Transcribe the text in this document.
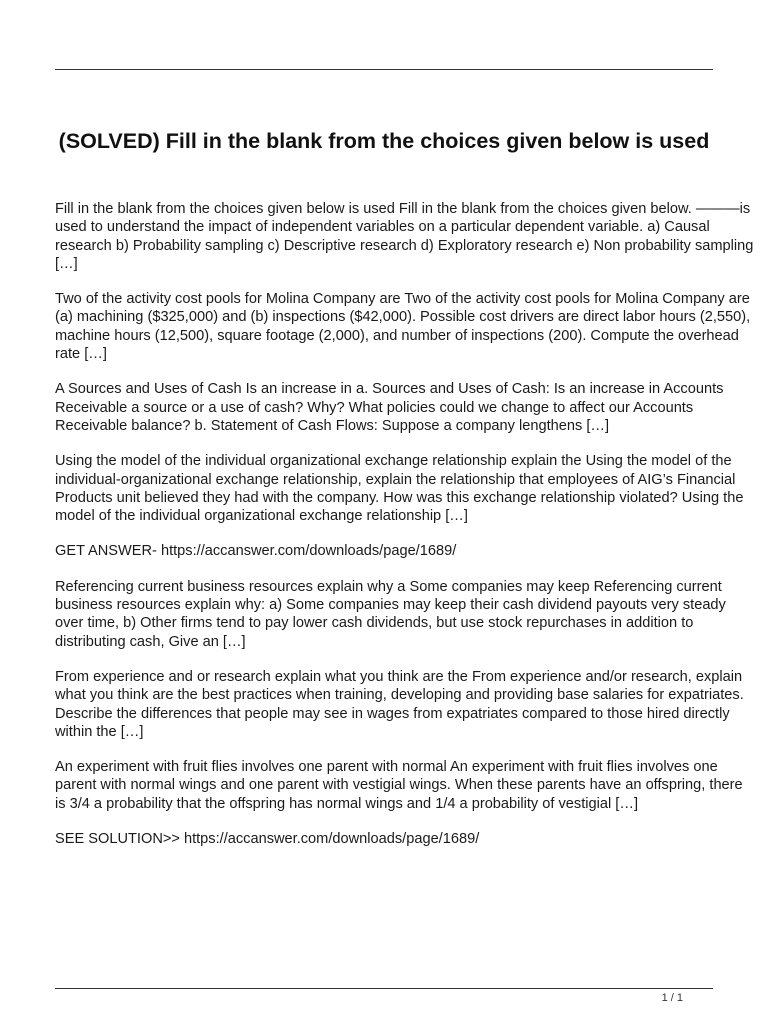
(SOLVED) Fill in the blank from the choices given below is used

Fill in the blank from the choices given below is used Fill in the blank from the choices given below. ———is used to understand the impact of independent variables on a particular dependent variable. a) Causal research b) Probability sampling c) Descriptive research d) Exploratory research e) Non probability sampling […]

Two of the activity cost pools for Molina Company are Two of the activity cost pools for Molina Company are (a) machining ($325,000) and (b) inspections ($42,000). Possible cost drivers are direct labor hours (2,550), machine hours (12,500), square footage (2,000), and number of inspections (200). Compute the overhead rate […]

A Sources and Uses of Cash Is an increase in a. Sources and Uses of Cash: Is an increase in Accounts Receivable a source or a use of cash? Why? What policies could we change to affect our Accounts Receivable balance? b. Statement of Cash Flows: Suppose a company lengthens […]

Using the model of the individual organizational exchange relationship explain the Using the model of the individual-organizational exchange relationship, explain the relationship that employees of AIG’s Financial Products unit believed they had with the company. How was this exchange relationship violated? Using the model of the individual organizational exchange relationship […]

GET ANSWER- https://accanswer.com/downloads/page/1689/

Referencing current business resources explain why a Some companies may keep Referencing current business resources explain why: a) Some companies may keep their cash dividend payouts very steady over time, b) Other firms tend to pay lower cash dividends, but use stock repurchases in addition to distributing cash, Give an […]

From experience and or research explain what you think are the From experience and/or research, explain what you think are the best practices when training, developing and providing base salaries for expatriates. Describe the differences that people may see in wages from expatriates compared to those hired directly within the […]

An experiment with fruit flies involves one parent with normal An experiment with fruit flies involves one parent with normal wings and one parent with vestigial wings. When these parents have an offspring, there is 3/4 a probability that the offspring has normal wings and 1/4 a probability of vestigial […]

SEE SOLUTION>> https://accanswer.com/downloads/page/1689/

1 / 1
